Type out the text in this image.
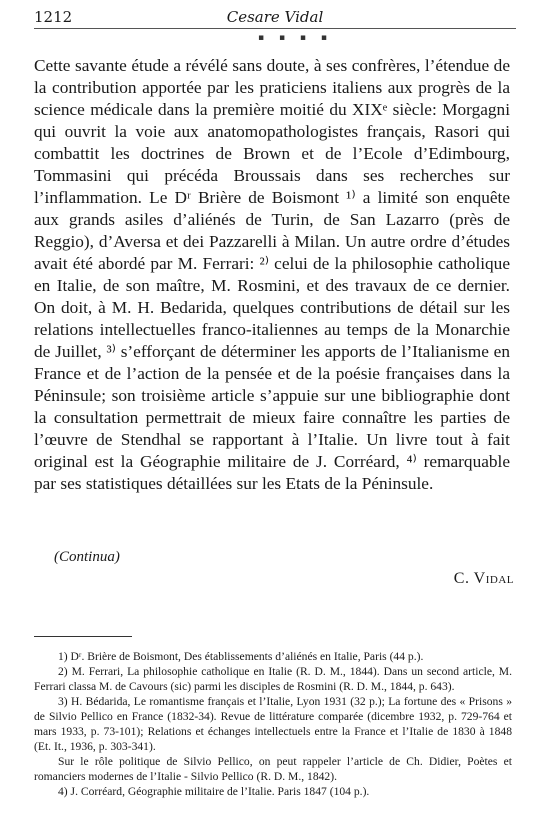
1212	Cesare Vidal
▪ ▪ ▪ ▪

Cette savante étude a révélé sans doute, à ses confrères, l’étendue de la contribution apportée par les praticiens italiens aux progrès de la science médicale dans la première moitié du XIXᵉ siècle: Morgagni qui ouvrit la voie aux anatomopathologistes français, Rasori qui combattit les doctrines de Brown et de l’Ecole d’Edimbourg, Tommasini qui précéda Broussais dans ses recherches sur l’inflammation. Le Dʳ Brière de Boismont ¹⁾ a limité son enquête aux grands asiles d’aliénés de Turin, de San Lazarro (près de Reggio), d’Aversa et dei Pazzarelli à Milan. Un autre ordre d’études avait été abordé par M. Ferrari: ²⁾ celui de la philosophie catholique en Italie, de son maître, M. Rosmini, et des travaux de ce dernier. On doit, à M. H. Bedarida, quelques contributions de détail sur les relations intellectuelles franco-italiennes au temps de la Monarchie de Juillet, ³⁾ s’efforçant de déterminer les apports de l’Italianisme en France et de l’action de la pensée et de la poésie françaises dans la Péninsule; son troisième article s’appuie sur une bibliographie dont la consultation permettrait de mieux faire connaître les parties de l’œuvre de Stendhal se rapportant à l’Italie. Un livre tout à fait original est la Géographie militaire de J. Corréard, ⁴⁾ remarquable par ses statistiques détaillées sur les Etats de la Péninsule.

(Continua)
C. Vidal

1) Dʳ. Brière de Boismont, Des établissements d’aliénés en Italie, Paris (44 p.).

2) M. Ferrari, La philosophie catholique en Italie (R. D. M., 1844). Dans un second article, M. Ferrari classa M. de Cavours (sic) parmi les disciples de Rosmini (R. D. M., 1844, p. 643).

3) H. Bédarida, Le romantisme français et l’Italie, Lyon 1931 (32 p.); La fortune des « Prisons » de Silvio Pellico en France (1832-34). Revue de littérature comparée (dicembre 1932, p. 729-764 et mars 1933, p. 73-101); Relations et échanges intellectuels entre la France et l’Italie de 1830 à 1848 (Et. It., 1936, p. 303-341).

Sur le rôle politique de Silvio Pellico, on peut rappeler l’article de Ch. Didier, Poètes et romanciers modernes de l’Italie - Silvio Pellico (R. D. M., 1842).

4) J. Corréard, Géographie militaire de l’Italie. Paris 1847 (104 p.).
